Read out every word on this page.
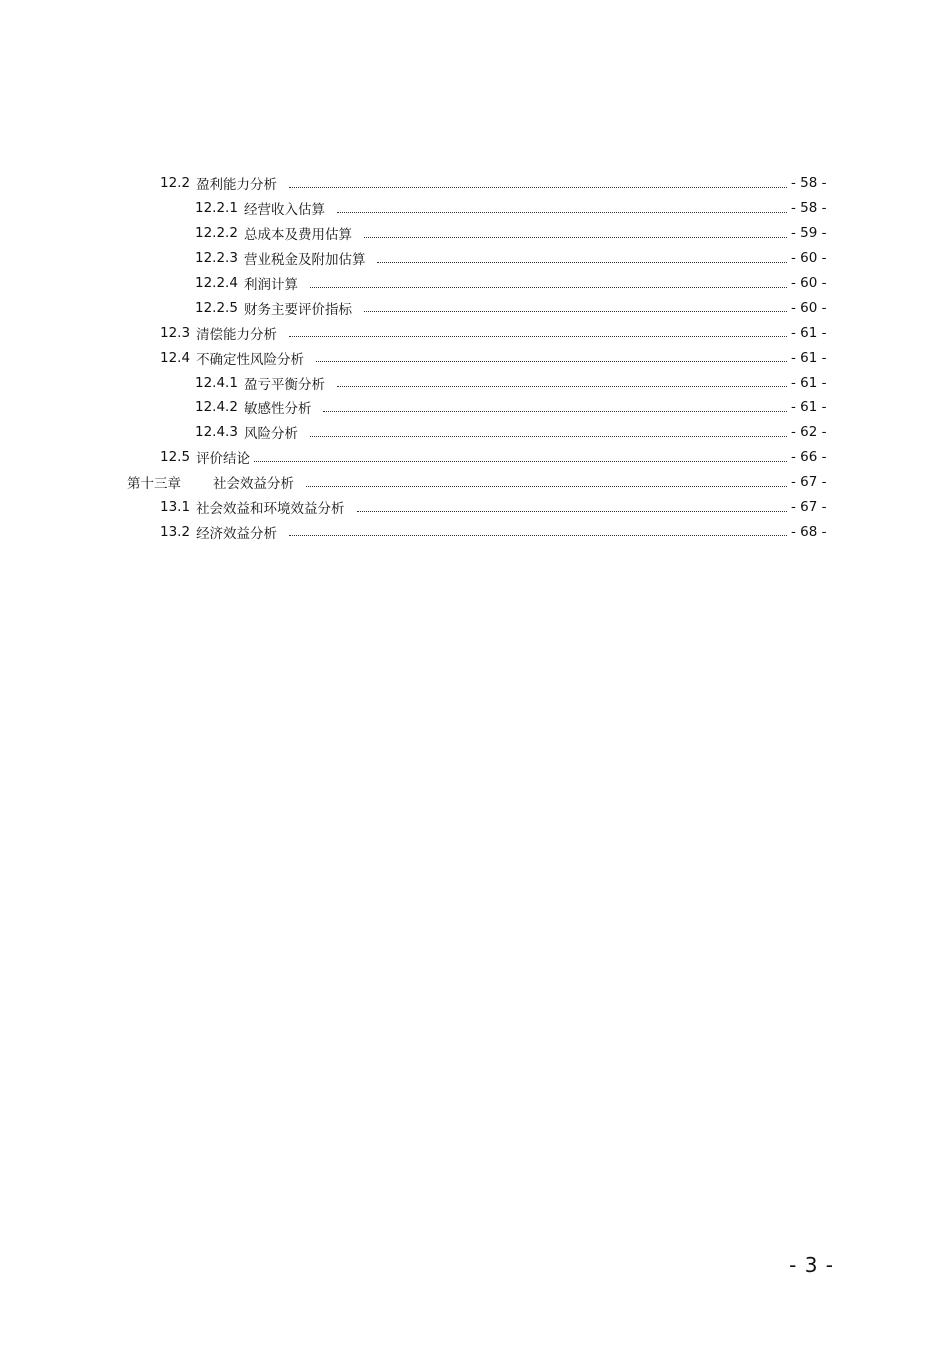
12.2 盈利能力分析	- 58 -
12.2.1 经营收入估算	- 58 -
12.2.2 总成本及费用估算	- 59 -
12.2.3 营业税金及附加估算	- 60 -
12.2.4 利润计算	- 60 -
12.2.5 财务主要评价指标	- 60 -
12.3 清偿能力分析	- 61 -
12.4 不确定性风险分析	- 61 -
12.4.1 盈亏平衡分析	- 61 -
12.4.2 敏感性分析	- 61 -
12.4.3 风险分析	- 62 -
12.5 评价结论	- 66 -
第十三章 社会效益分析	- 67 -
13.1 社会效益和环境效益分析	- 67 -
13.2 经济效益分析	- 68 -
- 3 -
